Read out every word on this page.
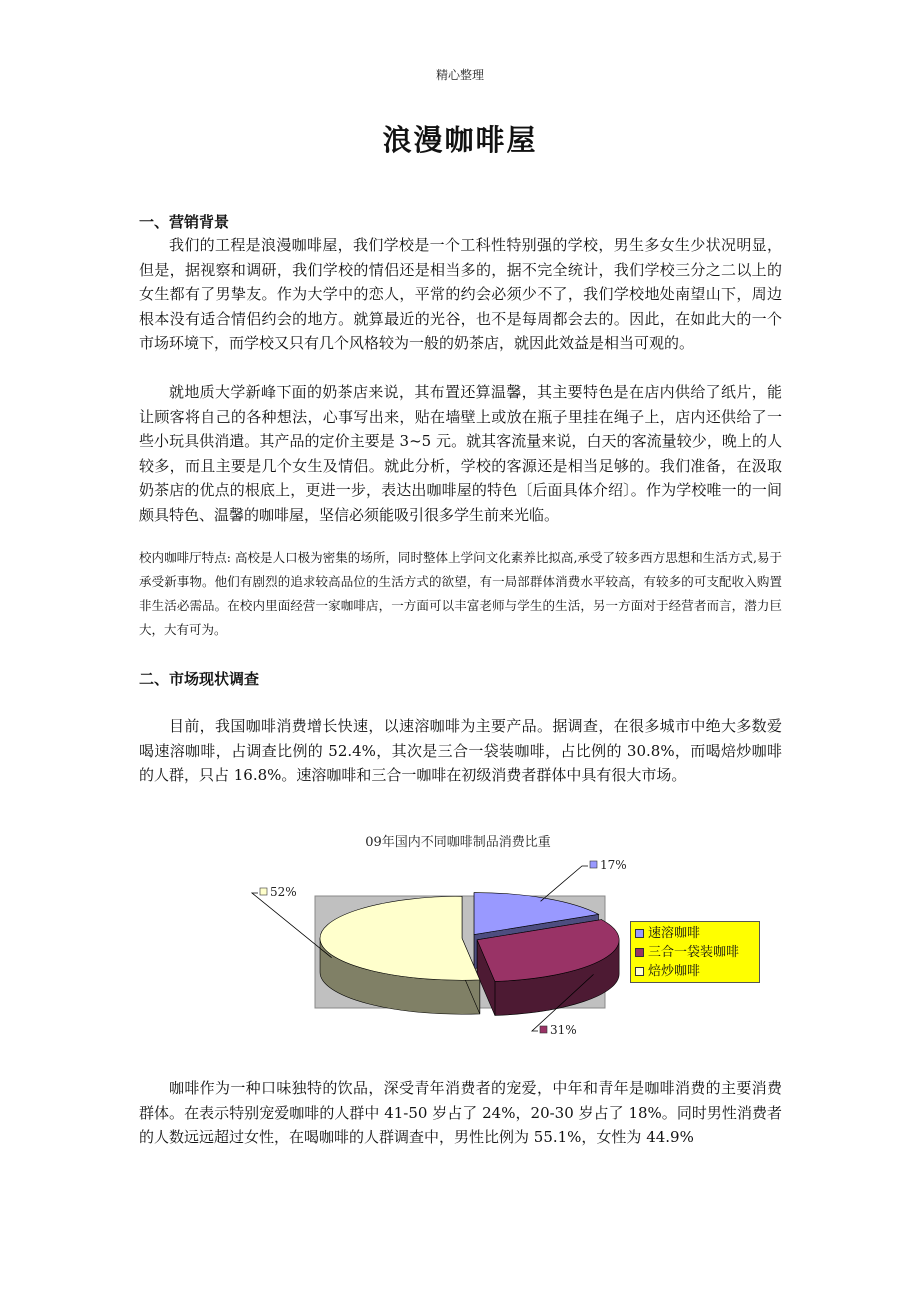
精心整理
浪漫咖啡屋
一、营销背景

我们的工程是浪漫咖啡屋，我们学校是一个工科性特别强的学校，男生多女生少状况明显，但是，据视察和调研，我们学校的情侣还是相当多的，据不完全统计，我们学校三分之二以上的女生都有了男挚友。作为大学中的恋人，平常的约会必须少不了，我们学校地处南望山下，周边根本没有适合情侣约会的地方。就算最近的光谷，也不是每周都会去的。因此，在如此大的一个市场环境下，而学校又只有几个风格较为一般的奶茶店，就因此效益是相当可观的。

就地质大学新峰下面的奶茶店来说，其布置还算温馨，其主要特色是在店内供给了纸片，能让顾客将自己的各种想法，心事写出来，贴在墙壁上或放在瓶子里挂在绳子上，店内还供给了一些小玩具供消遣。其产品的定价主要是 3~5 元。就其客流量来说，白天的客流量较少，晚上的人较多，而且主要是几个女生及情侣。就此分析，学校的客源还是相当足够的。我们准备，在汲取奶茶店的优点的根底上，更进一步，表达出咖啡屋的特色〔后面具体介绍〕。作为学校唯一的一间颇具特色、温馨的咖啡屋，坚信必须能吸引很多学生前来光临。

校内咖啡厅特点: 高校是人口极为密集的场所，同时整体上学问文化素养比拟高,承受了较多西方思想和生活方式,易于承受新事物。他们有剧烈的追求较高品位的生活方式的欲望，有一局部群体消费水平较高，有较多的可支配收入购置非生活必需品。在校内里面经营一家咖啡店，一方面可以丰富老师与学生的生活，另一方面对于经营者而言，潜力巨大，大有可为。

二、市场现状调查

目前，我国咖啡消费增长快速，以速溶咖啡为主要产品。据调查，在很多城市中绝大多数爱喝速溶咖啡，占调查比例的 52.4%，其次是三合一袋装咖啡，占比例的 30.8%，而喝焙炒咖啡的人群，只占 16.8%。速溶咖啡和三合一咖啡在初级消费者群体中具有很大市场。

09年国内不同咖啡制品消费比重
17%
31%
52%
速溶咖啡
三合一袋装咖啡
焙炒咖啡

咖啡作为一种口味独特的饮品，深受青年消费者的宠爱，中年和青年是咖啡消费的主要消费群体。在表示特别宠爱咖啡的人群中 41-50 岁占了 24%，20-30 岁占了 18%。同时男性消费者的人数远远超过女性，在喝咖啡的人群调查中，男性比例为 55.1%，女性为 44.9%
